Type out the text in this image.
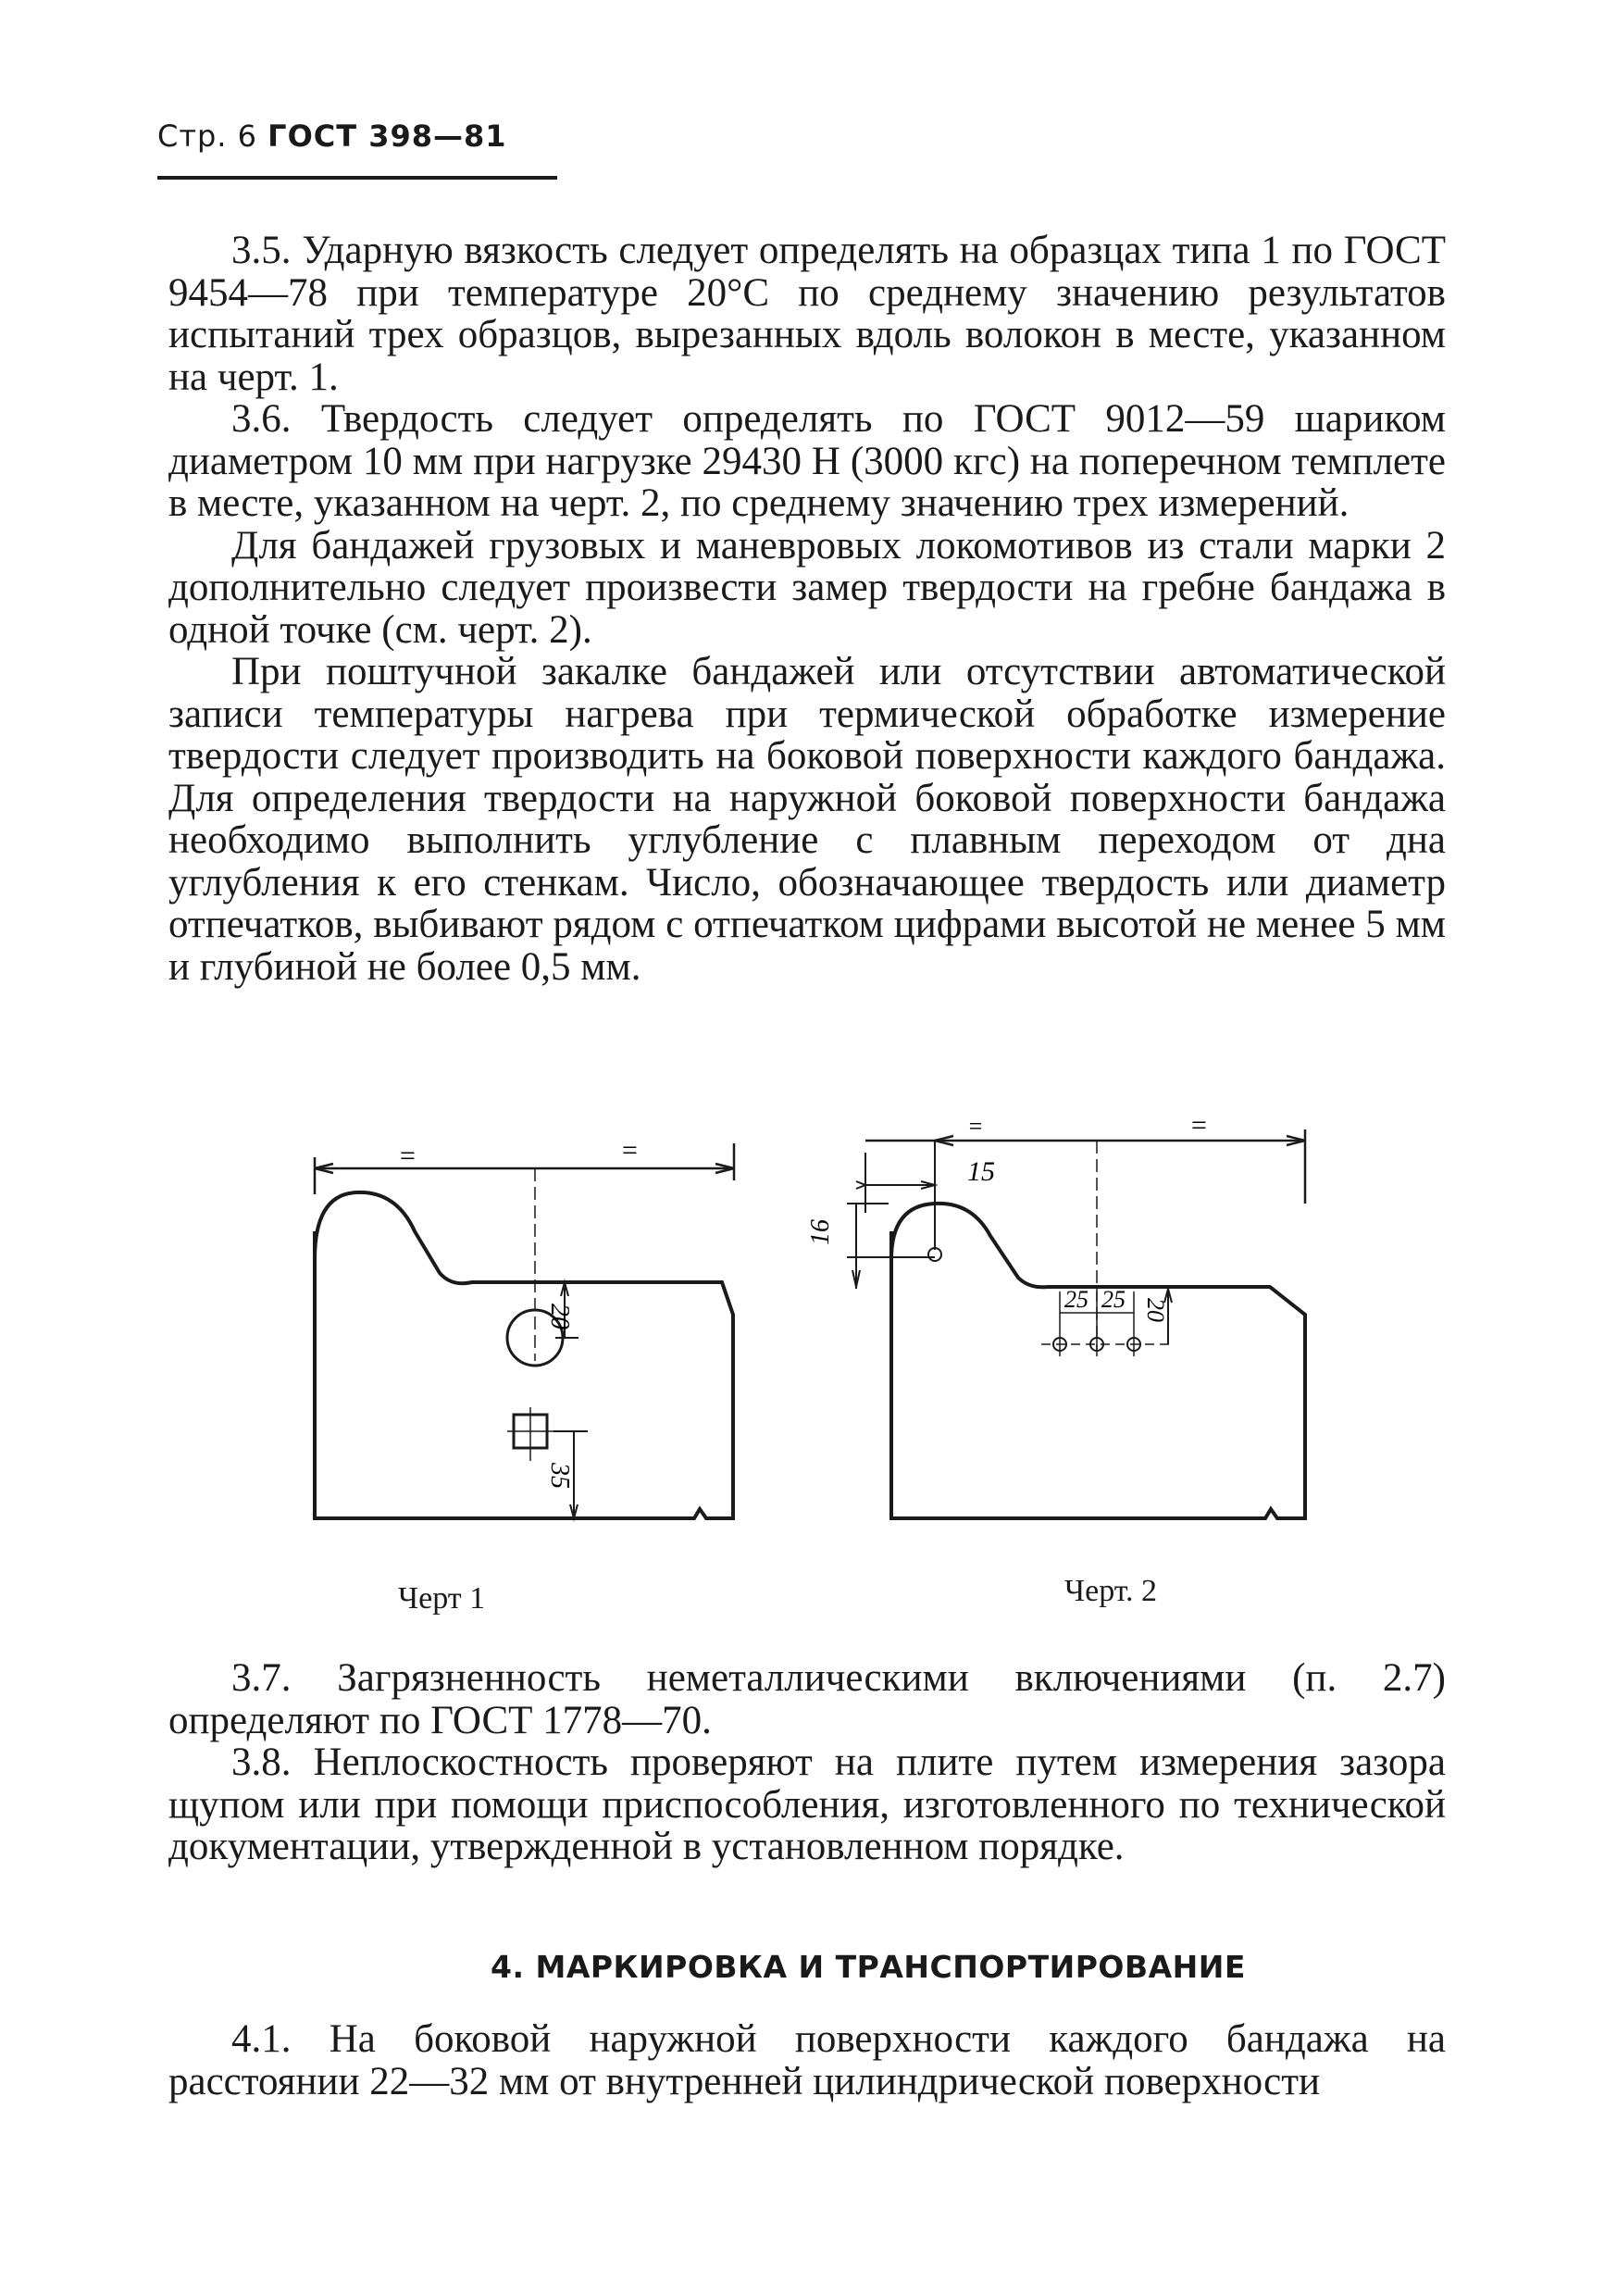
Стр. 6 ГОСТ 398—81

3.5. Ударную вязкость следует определять на образцах типа 1 по ГОСТ 9454—78 при температуре 20°С по среднему значению результатов испытаний трех образцов, вырезанных вдоль волокон в месте, указанном на черт. 1.

3.6. Твердость следует определять по ГОСТ 9012—59 шариком диаметром 10 мм при нагрузке 29430 Н (3000 кгс) на поперечном темплете в месте, указанном на черт. 2, по среднему значению трех измерений.

Для бандажей грузовых и маневровых локомотивов из стали марки 2 дополнительно следует произвести замер твердости на гребне бандажа в одной точке (см. черт. 2).

При поштучной закалке бандажей или отсутствии автоматической записи температуры нагрева при термической обработке измерение твердости следует производить на боковой поверхности каждого бандажа. Для определения твердости на наружной боковой поверхности бандажа необходимо выполнить углубление с плавным переходом от дна углубления к его стенкам. Число, обозначающее твердость или диаметр отпечатков, выбивают рядом с отпечатком цифрами высотой не менее 5 мм и глубиной не более 0,5 мм.

=	=
20
35
=	=
15
16
25 25 20
Черт 1	Черт. 2

3.7. Загрязненность неметаллическими включениями (п. 2.7) определяют по ГОСТ 1778—70.

3.8. Неплоскостность проверяют на плите путем измерения зазора щупом или при помощи приспособления, изготовленного по технической документации, утвержденной в установленном порядке.

4. МАРКИРОВКА И ТРАНСПОРТИРОВАНИЕ

4.1. На боковой наружной поверхности каждого бандажа на расстоянии 22—32 мм от внутренней цилиндрической поверхности
